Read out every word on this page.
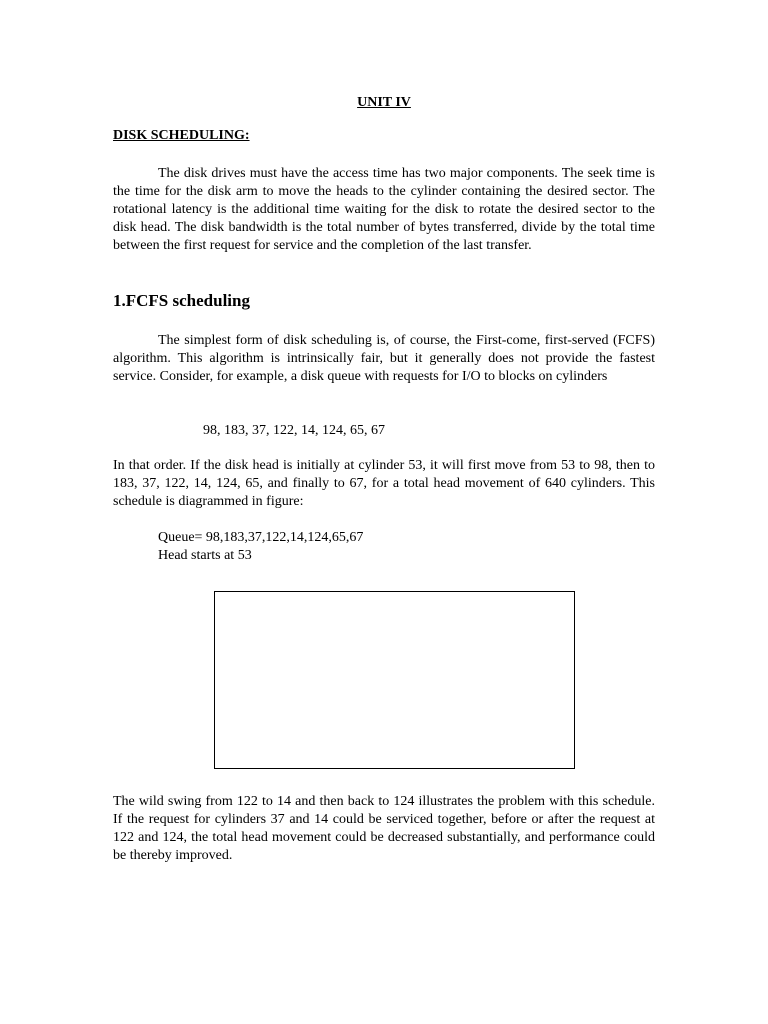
UNIT IV
DISK SCHEDULING:

The disk drives must have the access time has two major components. The seek time is the time for the disk arm to move the heads to the cylinder containing the desired sector. The rotational latency is the additional time waiting for the disk to rotate the desired sector to the disk head. The disk bandwidth is the total number of bytes transferred, divide by the total time between the first request for service and the completion of the last transfer.

1.FCFS scheduling

The simplest form of disk scheduling is, of course, the First-come, first-served (FCFS) algorithm. This algorithm is intrinsically fair, but it generally does not provide the fastest service. Consider, for example, a disk queue with requests for I/O to blocks on cylinders

98, 183, 37, 122, 14, 124, 65, 67

In that order. If the disk head is initially at cylinder 53, it will first move from 53 to 98, then to 183, 37, 122, 14, 124, 65, and finally to 67, for a total head movement of 640 cylinders. This schedule is diagrammed in figure:

Queue= 98,183,37,122,14,124,65,67
Head starts at 53

The wild swing from 122 to 14 and then back to 124 illustrates the problem with this schedule. If the request for cylinders 37 and 14 could be serviced together, before or after the request at 122 and 124, the total head movement could be decreased substantially, and performance could be thereby improved.
